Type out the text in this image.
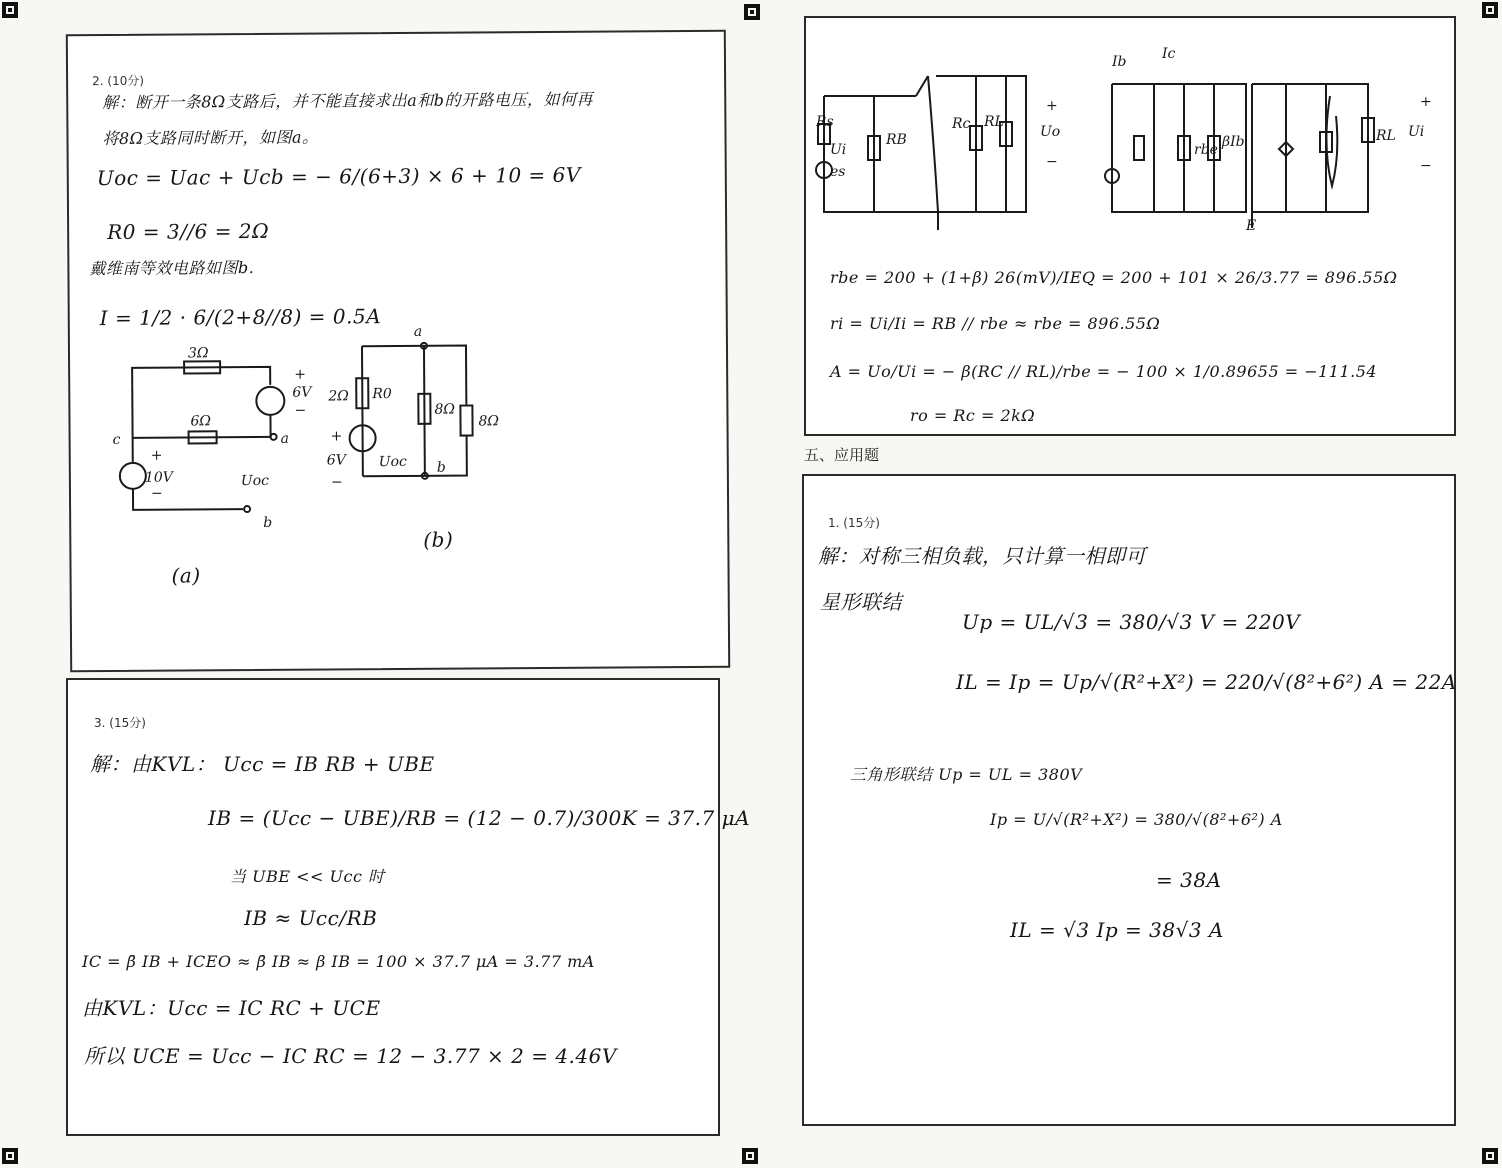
2. (10分)
解：断开一条8Ω支路后，并不能直接求出a和b的开路电压，如何再
将8Ω支路同时断开，如图a。
Uoc = Uac + Ucb = − 6/(6+3) × 6 + 10 = 6V
R0 = 3//6 = 2Ω
戴维南等效电路如图b.
I = 1/2 · 6/(2+8//8) = 0.5A
3Ω
6Ω
6V
+
−
10V
+
−
c	a
b
Uoc
(a)
a
b
2Ω R0
8Ω
8Ω
6V
+
−
Uoc
(b)
3. (15分)
解：由KVL： Ucc = IB RB + UBE
IB = (Ucc − UBE)/RB = (12 − 0.7)/300K = 37.7 μA
当 UBE << Ucc 时
IB ≈ Ucc/RB
IC = β̄ IB + ICEO ≈ β̄ IB ≈ β IB = 100 × 37.7 μA = 3.77 mA
由KVL：Ucc = IC RC + UCE
所以 UCE = Ucc − IC RC = 12 − 3.77 × 2 = 4.46V
Rs
Ui
es
RB
Rc RL
+
Uo
−
Ib	Ic
rbe βIb
E
RL Ui
+
−
rbe = 200 + (1+β) 26(mV)/IEQ = 200 + 101 × 26/3.77 = 896.55Ω
ri = Ui/Ii = RB // rbe ≈ rbe = 896.55Ω
A = Uo/Ui = − β(RC // RL)/rbe = − 100 × 1/0.89655 = −111.54
ro = Rc = 2kΩ
五、应用题
1. (15分)
解：对称三相负载，只计算一相即可
星形联结
Up = UL/√3 = 380/√3 V = 220V
IL = Ip = Up/√(R²+X²) = 220/√(8²+6²) A = 22A
三角形联结 Up = UL = 380V
Ip = U/√(R²+X²) = 380/√(8²+6²) A
= 38A
IL = √3 Ip = 38√3 A
